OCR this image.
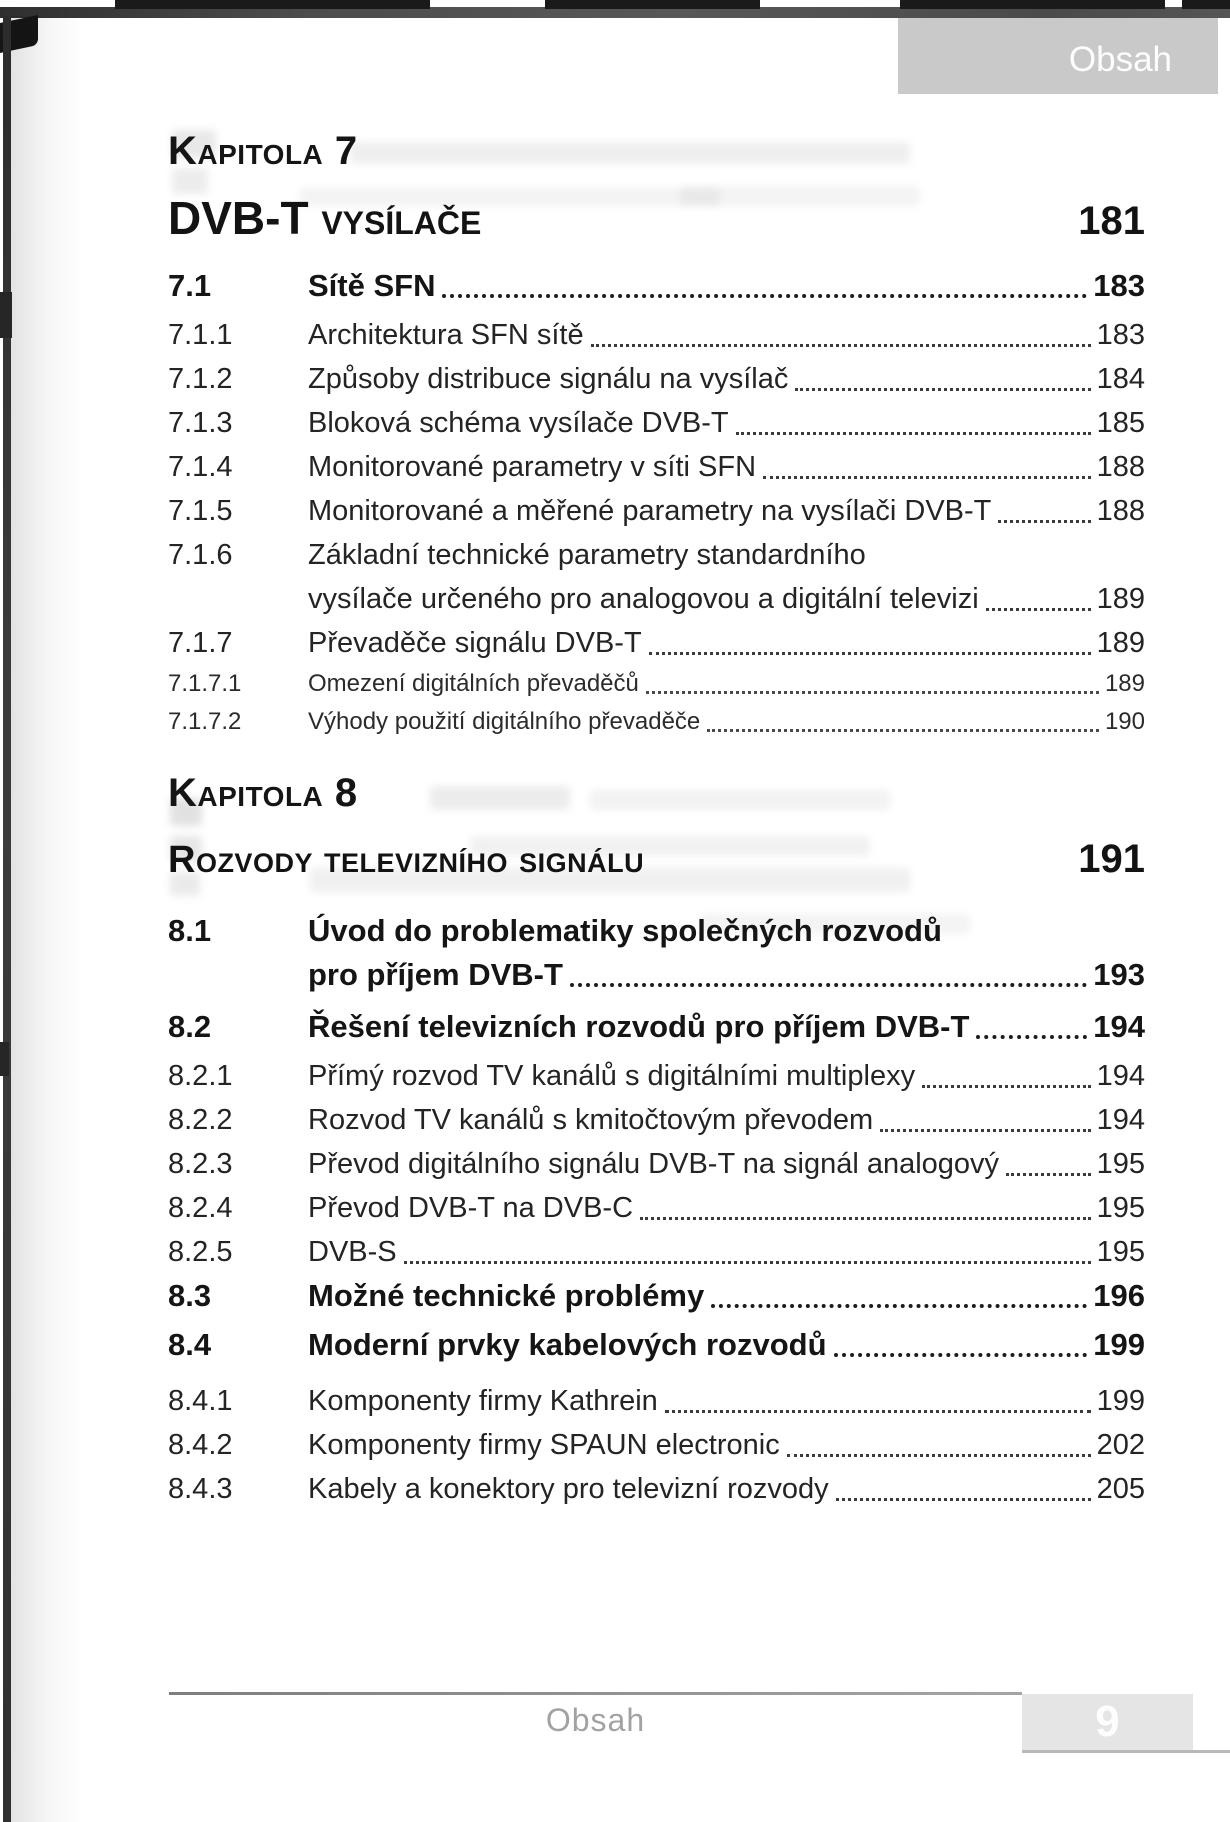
Obsah
Kapitola 7
DVB-T vysílače	181
7.1	Sítě SFN	183
7.1.1	Architektura SFN sítě	183
7.1.2	Způsoby distribuce signálu na vysílač	184
7.1.3	Bloková schéma vysílače DVB-T	185
7.1.4	Monitorované parametry v síti SFN	188
7.1.5	Monitorované a měřené parametry na vysílači DVB-T	188
7.1.6	Základní technické parametry standardního
vysílače určeného pro analogovou a digitální televizi	189
7.1.7	Převaděče signálu DVB-T	189
7.1.7.1	Omezení digitálních převaděčů	189
7.1.7.2	Výhody použití digitálního převaděče	190
Kapitola 8
Rozvody televizního signálu	191
8.1	Úvod do problematiky společných rozvodů
pro příjem DVB-T	193
8.2	Řešení televizních rozvodů pro příjem DVB-T	194
8.2.1	Přímý rozvod TV kanálů s digitálními multiplexy	194
8.2.2	Rozvod TV kanálů s kmitočtovým převodem	194
8.2.3	Převod digitálního signálu DVB-T na signál analogový	195
8.2.4	Převod DVB-T na DVB-C	195
8.2.5	DVB-S	195
8.3	Možné technické problémy	196
8.4	Moderní prvky kabelových rozvodů	199
8.4.1	Komponenty firmy Kathrein	199
8.4.2	Komponenty firmy SPAUN electronic	202
8.4.3	Kabely a konektory pro televizní rozvody	205
Obsah	9
